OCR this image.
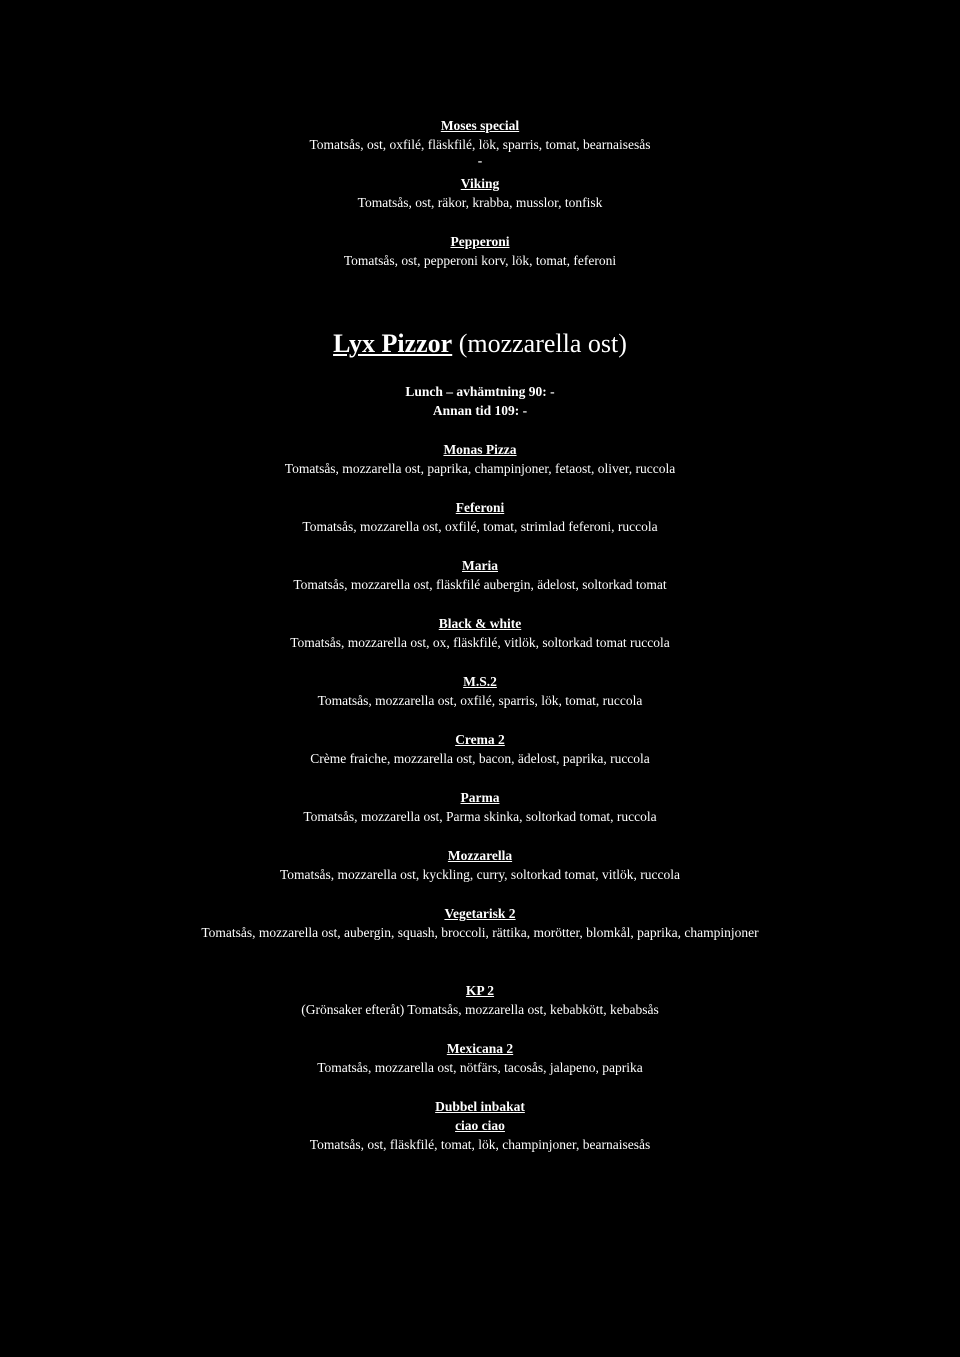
Moses special
Tomatsås, ost, oxfilé, fläskfilé, lök, sparris, tomat, bearnaisesås
-
Viking
Tomatsås, ost, räkor, krabba, musslor, tonfisk
Pepperoni
Tomatsås, ost, pepperoni korv, lök, tomat, feferoni
Lyx Pizzor (mozzarella ost)
Lunch – avhämtning 90: -
Annan tid 109: -
Monas Pizza
Tomatsås, mozzarella ost, paprika, champinjoner, fetaost, oliver, ruccola
Feferoni
Tomatsås, mozzarella ost, oxfilé, tomat, strimlad feferoni, ruccola
Maria
Tomatsås, mozzarella ost, fläskfilé aubergin, ädelost, soltorkad tomat
Black & white
Tomatsås, mozzarella ost, ox, fläskfilé, vitlök, soltorkad tomat ruccola
M.S.2
Tomatsås, mozzarella ost, oxfilé, sparris, lök, tomat, ruccola
Crema 2
Crème fraiche, mozzarella ost, bacon, ädelost, paprika, ruccola
Parma
Tomatsås, mozzarella ost, Parma skinka, soltorkad tomat, ruccola
Mozzarella
Tomatsås, mozzarella ost, kyckling, curry, soltorkad tomat, vitlök, ruccola
Vegetarisk 2
Tomatsås, mozzarella ost, aubergin, squash, broccoli, rättika, morötter, blomkål, paprika, champinjoner
KP 2
(Grönsaker efteråt) Tomatsås, mozzarella ost, kebabkött, kebabsås
Mexicana 2
Tomatsås, mozzarella ost, nötfärs, tacosås, jalapeno, paprika
Dubbel inbakat
ciao ciao
Tomatsås, ost, fläskfilé, tomat, lök, champinjoner, bearnaisesås
